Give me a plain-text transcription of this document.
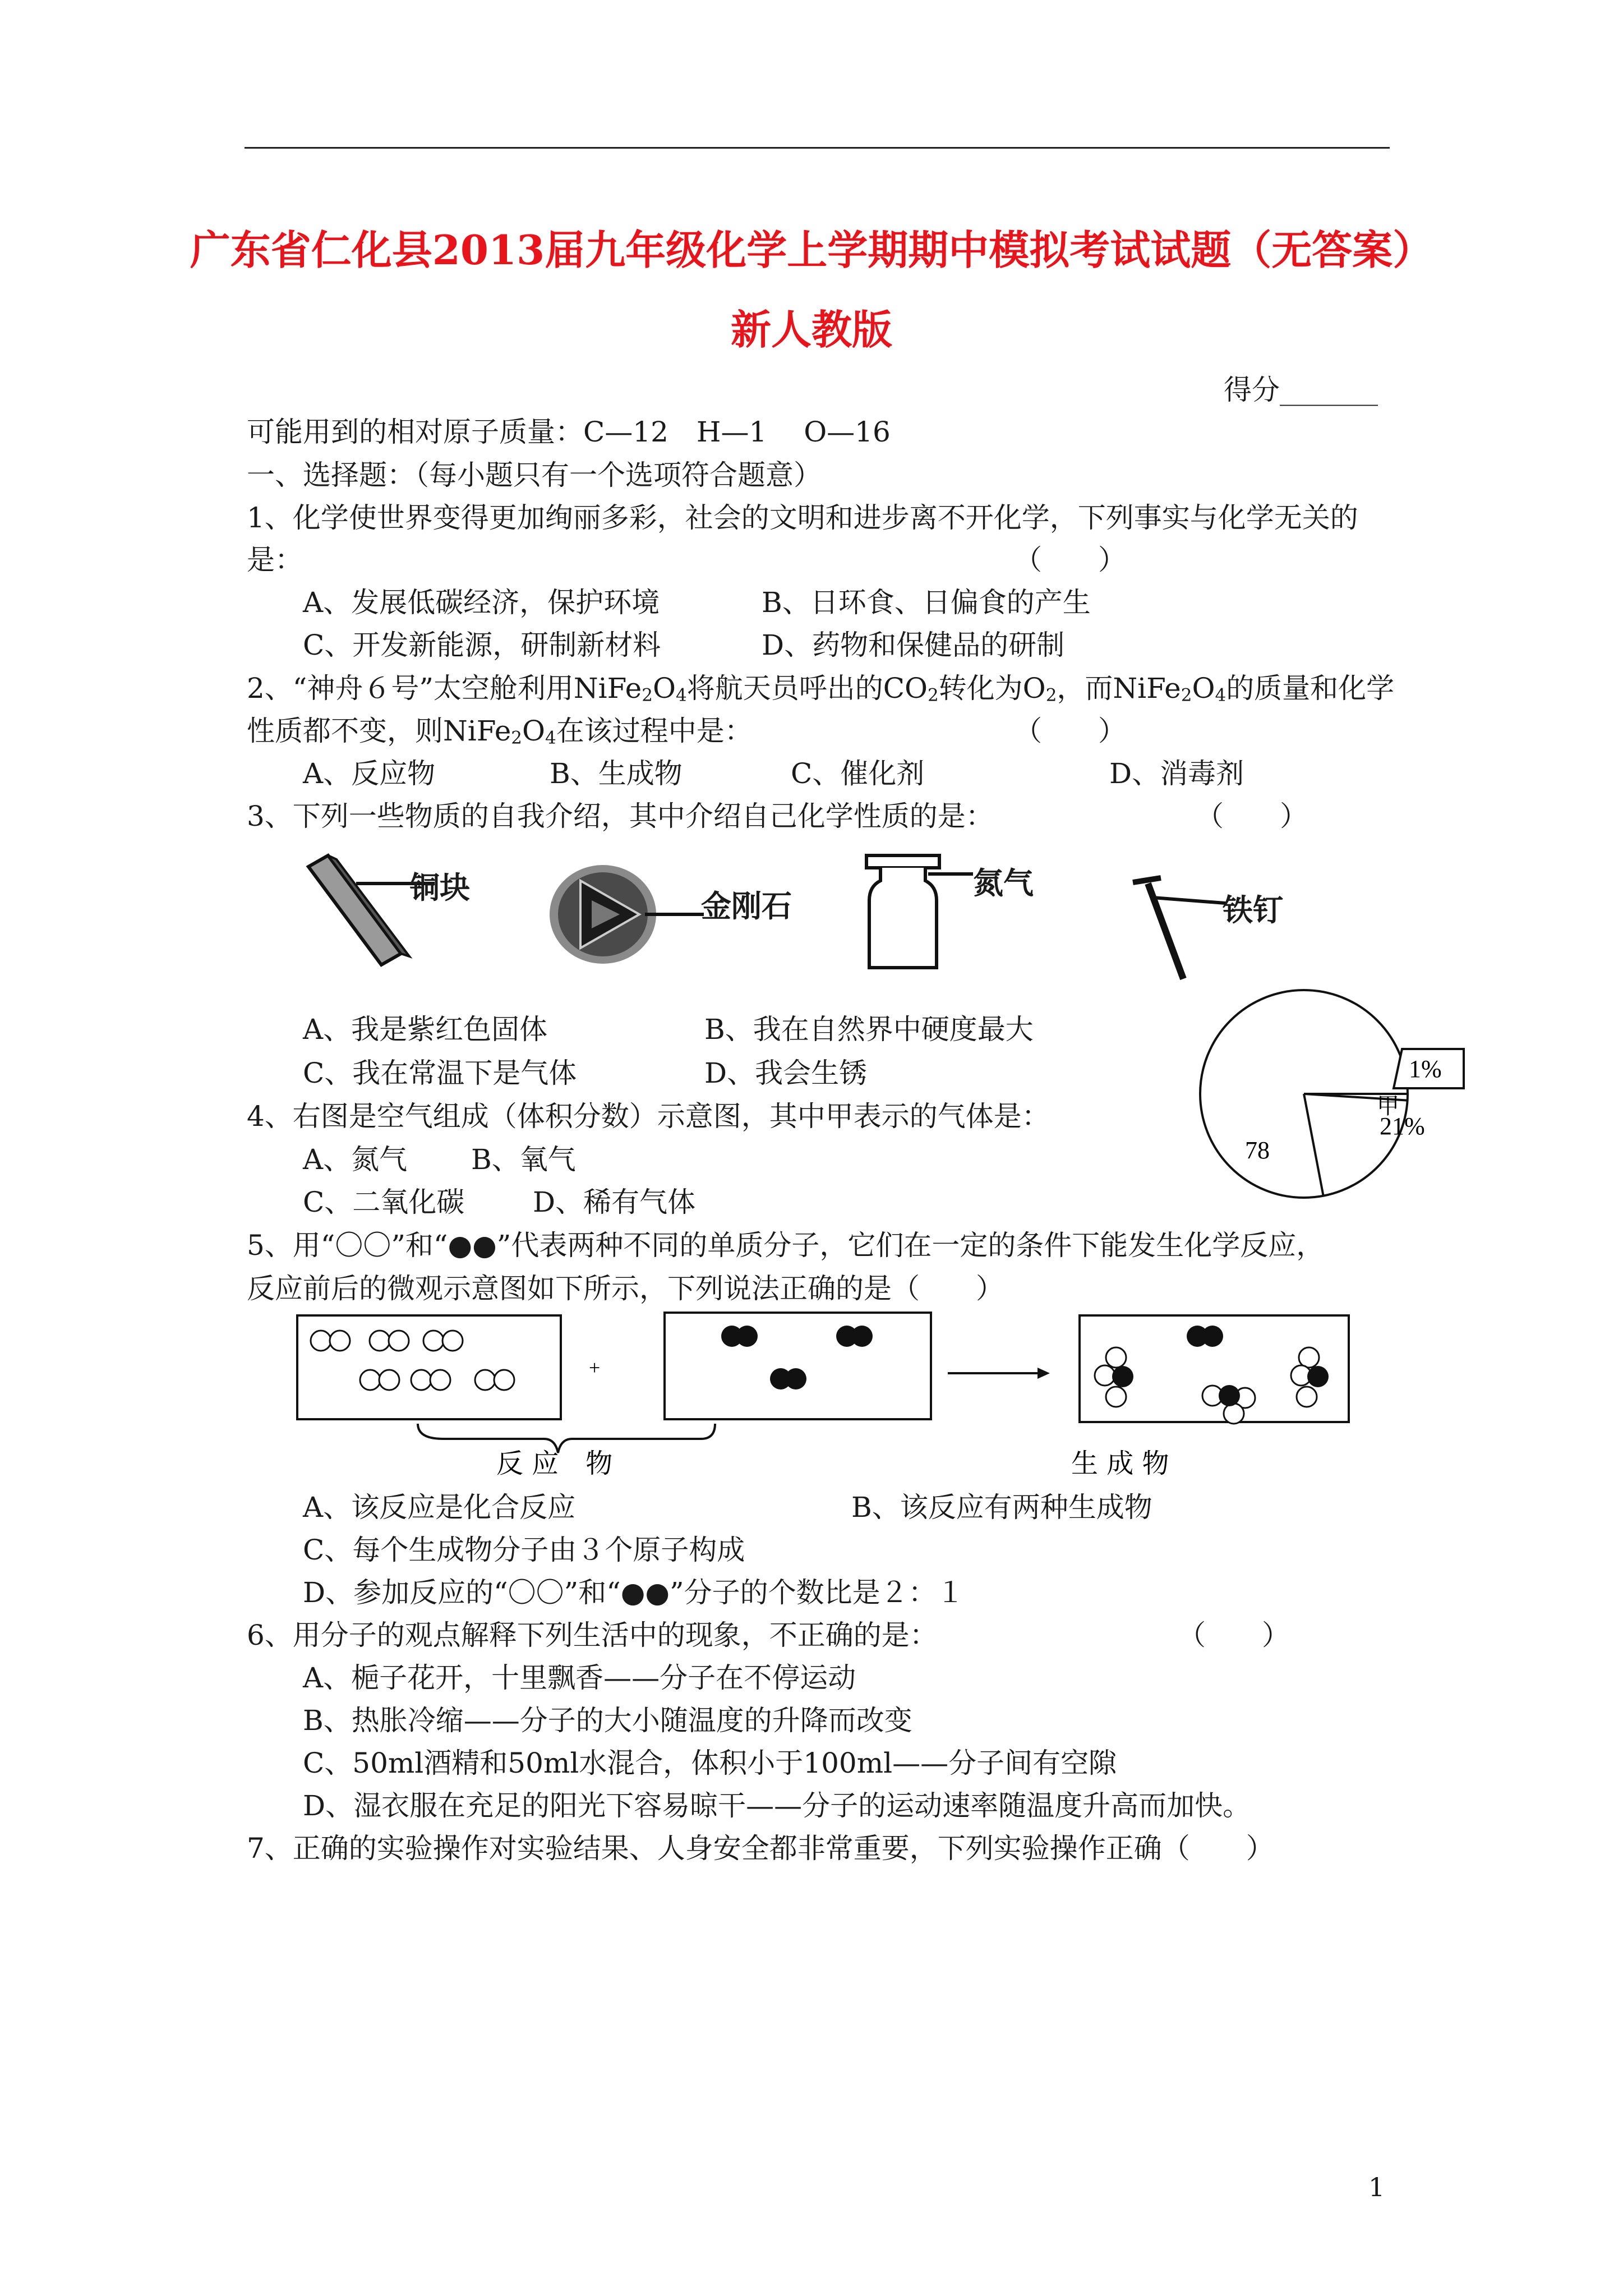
广东省仁化县2013届九年级化学上学期期中模拟考试试题（无答案）
新人教版
得分_______
可能用到的相对原子质量：C—12　H—1　 O—16
一、选择题：（每小题只有一个选项符合题意）
1、化学使世界变得更加绚丽多彩，社会的文明和进步离不开化学，下列事实与化学无关的
是：	（　　）
A、发展低碳经济，保护环境	B、日环食、日偏食的产生
C、开发新能源，研制新材料	D、药物和保健品的研制
2、“神舟６号”太空舱利用NiFe2O4将航天员呼出的CO2转化为O2，而NiFe2O4的质量和化学
性质都不变，则NiFe2O4在该过程中是：	（　　）
A、反应物	B、生成物	C、催化剂	D、消毒剂
3、下列一些物质的自我介绍，其中介绍自己化学性质的是：	（　　）
铜块
金刚石
氮气
铁钉
A、我是紫红色固体	B、我在自然界中硬度最大
C、我在常温下是气体	D、我会生锈
4、右图是空气组成（体积分数）示意图，其中甲表示的气体是：
A、氮气 B、氧气
C、二氧化碳 D、稀有气体
甲
21%
1%
78
5、用“〇〇”和“●●”代表两种不同的单质分子，它们在一定的条件下能发生化学反应，
反应前后的微观示意图如下所示，下列说法正确的是（　　）
+
反 应　物	生 成 物
A、该反应是化合反应	B、该反应有两种生成物
C、每个生成物分子由３个原子构成
D、参加反应的“〇〇”和“●●”分子的个数比是２：１
6、用分子的观点解释下列生活中的现象，不正确的是：	（　　）
A、梔子花开，十里飘香——分子在不停运动
B、热胀冷缩——分子的大小随温度的升降而改变
C、50ml酒精和50ml水混合，体积小于100ml——分子间有空隙
D、湿衣服在充足的阳光下容易晾干——分子的运动速率随温度升高而加快。
7、正确的实验操作对实验结果、人身安全都非常重要，下列实验操作正确（　　）
1
